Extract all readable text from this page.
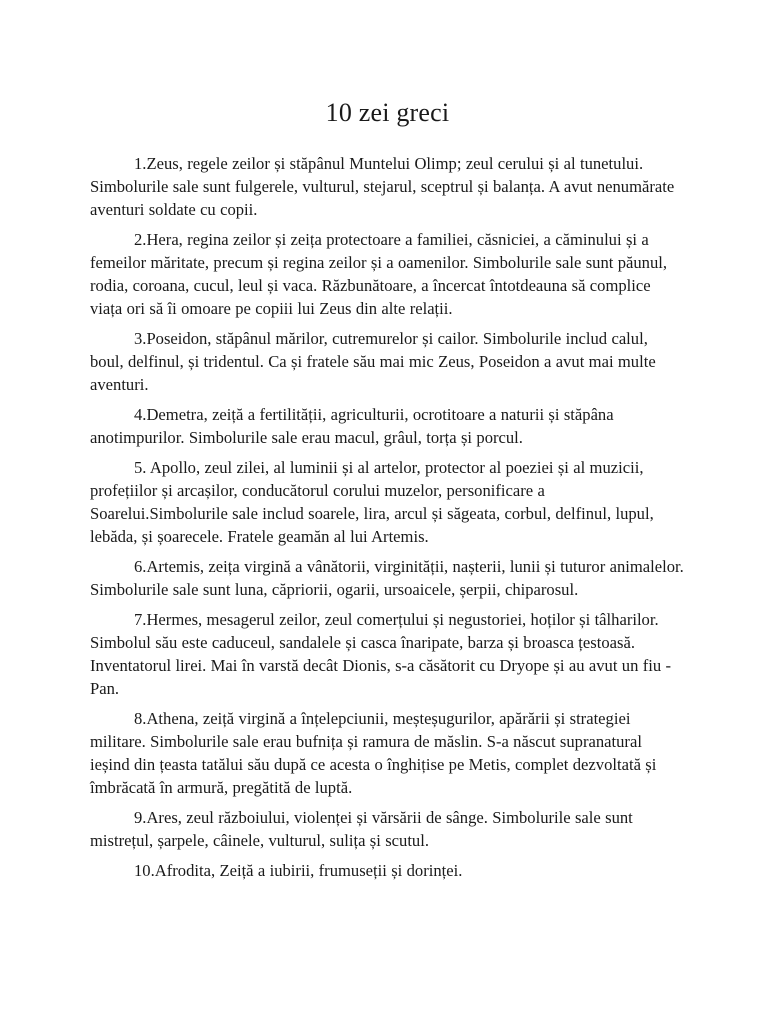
10 zei greci

1.Zeus, regele zeilor și stăpânul Muntelui Olimp; zeul cerului și al tunetului. Simbolurile sale sunt fulgerele, vulturul, stejarul, sceptrul și balanța. A avut nenumărate aventuri soldate cu copii.

2.Hera, regina zeilor și zeița protectoare a familiei, căsniciei, a căminului și a femeilor măritate, precum și regina zeilor și a oamenilor. Simbolurile sale sunt păunul, rodia, coroana, cucul, leul și vaca. Răzbunătoare, a încercat întotdeauna să complice viața ori să îi omoare pe copiii lui Zeus din alte relații.

3.Poseidon, stăpânul mărilor, cutremurelor și cailor. Simbolurile includ calul, boul, delfinul, și tridentul. Ca și fratele său mai mic Zeus, Poseidon a avut mai multe aventuri.

4.Demetra, zeiță a fertilității, agriculturii, ocrotitoare a naturii și stăpâna anotimpurilor. Simbolurile sale erau macul, grâul, torța și porcul.

5. Apollo, zeul zilei, al luminii și al artelor, protector al poeziei și al muzicii, profețiilor și arcașilor, conducătorul corului muzelor, personificare a Soarelui.Simbolurile sale includ soarele, lira, arcul și săgeata, corbul, delfinul, lupul, lebăda, și șoarecele. Fratele geamăn al lui Artemis.

6.Artemis, zeița virgină a vânătorii, virginității, nașterii, lunii și tuturor animalelor. Simbolurile sale sunt luna, căpriorii, ogarii, ursoaicele, șerpii, chiparosul.

7.Hermes, mesagerul zeilor, zeul comerțului și negustoriei, hoților și tâlharilor. Simbolul său este caduceul, sandalele și casca înaripate, barza și broasca țestoasă. Inventatorul lirei. Mai în varstă decât Dionis, s-a căsătorit cu Dryope și au avut un fiu - Pan.

8.Athena, zeiță virgină a înțelepciunii, meșteșugurilor, apărării și strategiei militare. Simbolurile sale erau bufnița și ramura de măslin. S-a născut supranatural ieșind din țeasta tatălui său după ce acesta o înghițise pe Metis, complet dezvoltată și îmbrăcată în armură, pregătită de luptă.

9.Ares, zeul războiului, violenței și vărsării de sânge. Simbolurile sale sunt mistrețul, șarpele, câinele, vulturul, sulița și scutul.

10.Afrodita, Zeiță a iubirii, frumuseții și dorinței.
